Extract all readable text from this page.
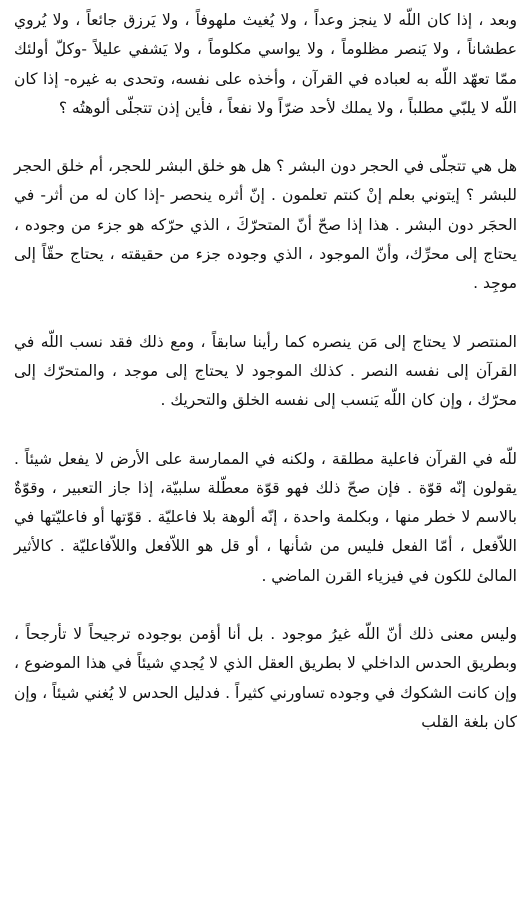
وبعد ، إذا كان اللّه لا ينجز وعداً ، ولا يُغيث ملهوفاً ، ولا يَرزق جائعاً ، ولا يُروي عطشاناً ، ولا يَنصر مظلوماً ، ولا يواسي مكلوماً ، ولا يَشفي عليلاً -وكلّ أولئك ممّا تعهّد اللّه به لعباده في القرآن ، وأخذه على نفسه، وتحدى به غيره- إذا كان اللّه لا يلبّي مطلباً ، ولا يملك لأحد ضرّاً ولا نفعاً ، فأين إذن تتجلّى ألوهتُه ؟

هل هي تتجلّى في الحجر دون البشر ؟ هل هو خلق البشر للحجر، أم خلق الحجر للبشر ؟ إيتوني بعلم إنْ كنتم تعلمون . إنّ أثره ينحصر -إذا كان له من أثر- في الحجَر دون البشر . هذا إذا صحّ أنّ المتحرّكَ ، الذي حرّكه هو جزء من وجوده ، يحتاج إلى محرِّك، وأنّ الموجود ، الذي وجوده جزء من حقيقته ، يحتاج حقّاً إلى موجِد .

المنتصر لا يحتاج إلى مَن ينصره كما رأينا سابقاً ، ومع ذلك فقد نسب اللّه في القرآن إلى نفسه النصر . كذلك الموجود لا يحتاج إلى موجد ، والمتحرّك إلى محرّك ، وإن كان اللّه يَنسب إلى نفسه الخلق والتحريك .

للّه في القرآن فاعلية مطلقة ، ولكنه في الممارسة على الأرض لا يفعل شيئاً . يقولون إنّه قوّة . فإن صحّ ذلك فهو قوّة معطّلة سلبيّة، إذا جاز التعبير ، وقوّةٌ بالاسم لا خطر منها ، وبكلمة واحدة ، إنّه ألوهة بلا فاعليّة . قوّتها أو فاعليّتها في اللاّفعل ، أمّا الفعل فليس من شأنها ، أو قل هو اللاّفعل واللاّفاعليّة . كالأثير المالئ للكون في فيزياء القرن الماضي .

وليس معنى ذلك أنّ اللّه غيرُ موجود . بل أنا أؤمن بوجوده ترجيحاً لا تأرجحاً ، وبطريق الحدس الداخلي لا بطريق العقل الذي لا يُجدي شيئاً في هذا الموضوع ، وإن كانت الشكوك في وجوده تساورني كثيراً . فدليل الحدس لا يُغني شيئاً ، وإن كان بلغة القلب
